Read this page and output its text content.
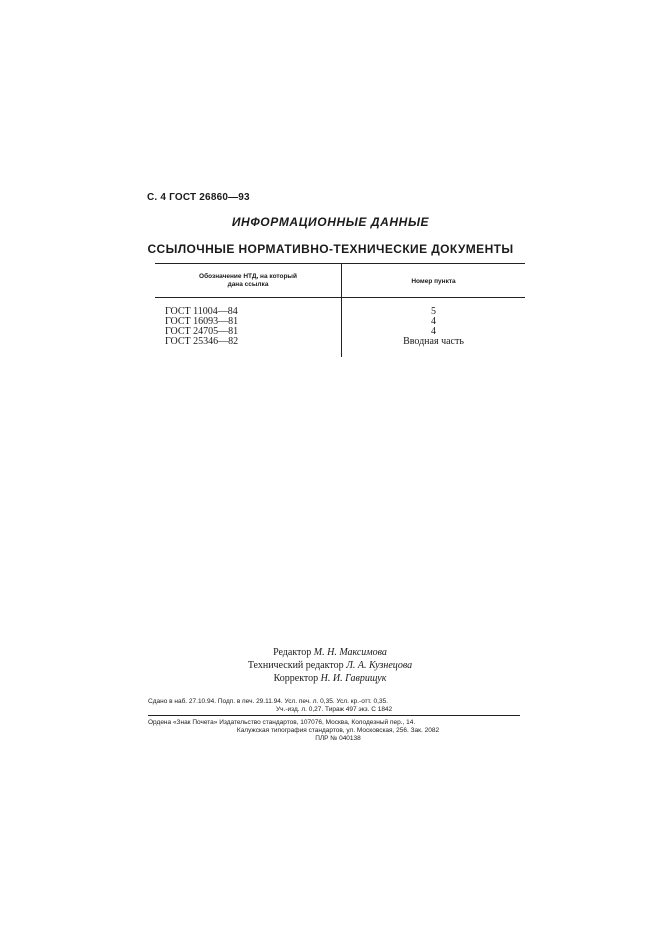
С. 4 ГОСТ 26860—93
ИНФОРМАЦИОННЫЕ ДАННЫЕ
ССЫЛОЧНЫЕ НОРМАТИВНО-ТЕХНИЧЕСКИЕ ДОКУМЕНТЫ
Обозначение НТД, на который
дана ссылка	Номер пункта
ГОСТ 11004—84	5
ГОСТ 16093—81	4
ГОСТ 24705—81	4
ГОСТ 25346—82	Вводная часть
Редактор М. Н. Максимова
Технический редактор Л. А. Кузнецова
Корректор Н. И. Гаврищук
Сдано в наб. 27.10.94. Подп. в печ. 29.11.94. Усл. печ. л. 0,35. Усл. кр.-отт. 0,35.
Уч.-изд. л. 0,27. Тираж 497 экз. С 1842
Ордена «Знак Почета» Издательство стандартов, 107076, Москва, Колодезный пер., 14.
Калужская типография стандартов, ул. Московская, 256. Зак. 2082
ПЛР № 040138
